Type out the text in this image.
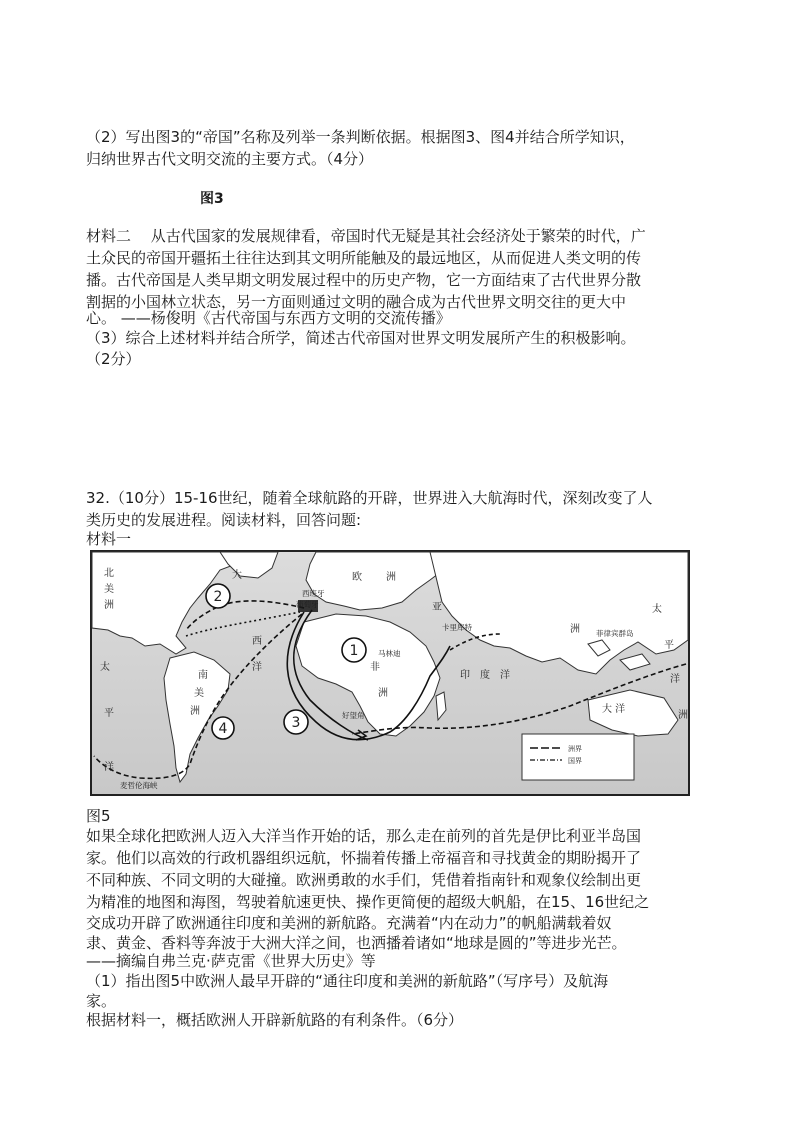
（2）写出图3的“帝国”名称及列举一条判断依据。根据图3、图4并结合所学知识，
归纳世界古代文明交流的主要方式。（4分）
图3
材料二　 从古代国家的发展规律看，帝国时代无疑是其社会经济处于繁荣的时代，广
土众民的帝国开疆拓土往往达到其文明所能触及的最远地区，从而促进人类文明的传
播。古代帝国是人类早期文明发展过程中的历史产物，它一方面结束了古代世界分散
割据的小国林立状态，另一方面则通过文明的融合成为古代世界文明交往的更大中
心。 ——杨俊明《古代帝国与东西方文明的交流传播》
（3）综合上述材料并结合所学，简述古代帝国对世界文明发展所产生的积极影响。
（2分）
32.（10分）15-16世纪，随着全球航路的开辟，世界进入大航海时代，深刻改变了人
类历史的发展进程。阅读材料，回答问题:
材料一
1
2
3
4
北
美
洲
大
西
洋
欧 洲
亚
洲
非
洲
南
美
洲
太
平
洋
太
平
洋
洲
印　度　洋
大 洋
西班牙
葡萄牙
马林迪
卡里库特
菲律宾群岛
好望角
麦哲伦海峡
洲界
国界
图5
如果全球化把欧洲人迈入大洋当作开始的话，那么走在前列的首先是伊比利亚半岛国
家。他们以高效的行政机器组织远航，怀揣着传播上帝福音和寻找黄金的期盼揭开了
不同种族、不同文明的大碰撞。欧洲勇敢的水手们，凭借着指南针和观象仪绘制出更
为精准的地图和海图，驾驶着航速更快、操作更简便的超级大帆船，在15、16世纪之
交成功开辟了欧洲通往印度和美洲的新航路。充满着“内在动力”的帆船满载着奴
隶、黄金、香料等奔波于大洲大洋之间，也洒播着诸如“地球是圆的”等进步光芒。
——摘编自弗兰克·萨克雷《世界大历史》等
（1）指出图5中欧洲人最早开辟的“通往印度和美洲的新航路”（写序号）及航海
家。
根据材料一，概括欧洲人开辟新航路的有利条件。（6分）
